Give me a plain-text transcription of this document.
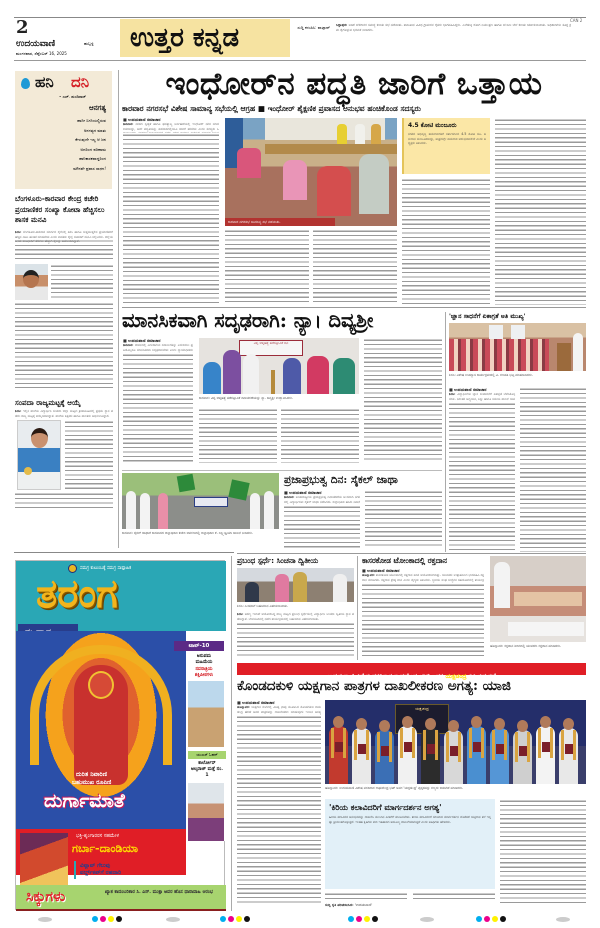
2
ಉದಯವಾಣಿ	ಹುಬ್ಬಳ್ಳಿ
ಮಂಗಳವಾರ, ಸೆಪ್ಟೆಂಬರ್ 16, 2025
ಉತ್ತರ ಕನ್ನಡ	ಸುದ್ದಿ ಕಳುಹಿಸಿ: ವಾಟ್ಸಾಪ್ ಸಿದ್ದಾಪುರ: ಅಡಿಕೆ ಬೆಳೆಗಾರರ ಸಮಸ್ಯೆ ಕುರಿತು ಸಭೆ ನಡೆಯಿತು. ತಾಲೂಕಿನ ವಿವಿಧ ಗ್ರಾಮಗಳ ರೈತರು ಭಾಗವಹಿಸಿದ್ದರು. ಎಲೆಚುಕ್ಕಿ ರೋಗ ನಿಯಂತ್ರಣ ಹಾಗೂ ಬೆಂಬಲ ಬೆಲೆ ಕುರಿತು ಚರ್ಚಿಸಲಾಯಿತು. ಅಧಿಕಾರಿಗಳು ಸೂಕ್ತ ಕ್ರಮ ಕೈಗೊಳ್ಳುವ ಭರವಸೆ ನೀಡಿದರು.
CAN 2
ಹನಿ ದನಿ
• ಎಚ್. ಡುಂಡಿರಾಜ್
ಆನಗತ್ಯ
ಹಾದೀ ಬೀದಿಯಲ್ಲಿರುವ
ಅನಗತ್ಯದ ಮಾತು
ಕೇಳುವುದೇ ಇಲ್ಲ ಆ ಜನ
ಅದರಿಂದ ಪರಿಣಾಮ
ಹಾನಿಕಾರಕವಾದ್ದರಿಂದ
ಮೌನವೇ ಪ್ರವಾಸ ಸಾಧನ!
ಬೆಂಗಳೂರು-ಕಾರವಾರ ಕೇಂದ್ರ ಕಚೇರಿ ಪ್ರಯಾಣಿಕರ ಸಂಖ್ಯಾ ಕೋಟಾ ಹೆಚ್ಚಿಸಲು ಶಾಸಕ ಮನವಿ
ಶಿರಸಿ: ಬೆಂಗಳೂರು-ಕಾರವಾರ ಮಾರ್ಗದ ರೈಲಿನಲ್ಲಿ ಶಿರಸಿ ಹಾಗೂ ಸುತ್ತಮುತ್ತಲಿನ ಪ್ರಯಾಣಿಕರಿಗೆ ಹೆಚ್ಚಿನ ಸೀಟು ಹಂಚಿಕೆ ಮಾಡಬೇಕು ಎಂದು ಶಾಸಕರು ರೈಲ್ವೆ ಸಚಿವರಿಗೆ ಮನವಿ ಸಲ್ಲಿಸಿದರು. ಜಿಲ್ಲೆಯ ಜನರು ರಾಜಧಾನಿಗೆ ತೆರಳಲು ಹೆಚ್ಚಾಗಿ ರೈಲನ್ನು ಅವಲಂಬಿಸಿದ್ದಾರೆ.
ಸಂಪದಾ ರಾಜ್ಯಮಟ್ಟಕ್ಕೆ ಆಯ್ಕೆ
ಶಿರಸಿ: ಇಲ್ಲಿನ ಶಾಲೆಯ ವಿದ್ಯಾರ್ಥಿನಿ ಸಂಪದಾ ಜಿಲ್ಲಾ ಮಟ್ಟದ ಕ್ರೀಡಾಕೂಟದಲ್ಲಿ ಪ್ರಥಮ ಸ್ಥಾನ ಪಡೆದು ರಾಜ್ಯ ಮಟ್ಟಕ್ಕೆ ಆಯ್ಕೆಯಾಗಿದ್ದಾಳೆ. ಶಾಲೆಯ ಶಿಕ್ಷಕರು ಹಾಗೂ ಪಾಲಕರು ಅಭಿನಂದಿಸಿದ್ದಾರೆ.
ಇಂಧೋರ್‌ನ ಪದ್ಧತಿ ಜಾರಿಗೆ ಒತ್ತಾಯ
ಕಾರವಾರ ನಗರಸಭೆ ವಿಶೇಷ ಸಾಮಾನ್ಯ ಸಭೆಯಲ್ಲಿ ಆಗ್ರಹ ■ ಇಂಧೋರ್ ಶೈಕ್ಷಣಿಕ ಪ್ರವಾಸದ ಅನುಭವ ಹಂಚಿಕೊಂಡ ಸದಸ್ಯರು
■ ಉದಯವಾಣಿ ಸಮಾಚಾರ
ಕಾರವಾರ: ನಗರದ ಸ್ವಚ್ಛತೆ ಹಾಗೂ ಘನತ್ಯಾಜ್ಯ ನಿರ್ವಹಣೆಯಲ್ಲಿ ಇಂಧೋರ್ ನಗರ ಮಾದರಿಯಾಗಿದ್ದು, ಅದೇ ಪದ್ಧತಿಯನ್ನು ಕಾರವಾರದಲ್ಲಿಯೂ ಜಾರಿಗೆ ತರಬೇಕು ಎಂದು ಸದಸ್ಯರು ಒ
ಕಾರವಾರ ನಗರಸಭೆ ಸಾಮಾನ್ಯ ಸಭೆ ನಡೆಯಿತು.
4.5 ಕೋಟಿ ಮಂಜೂರು
ನಗರದ ಅಭಿವೃದ್ಧಿ ಕಾಮಗಾರಿಗಳಿಗೆ ಸರ್ಕಾರದಿಂದ 4.5 ಕೋಟಿ ರೂ. ಅನುದಾನ ಮಂಜೂರಾಗಿದ್ದು, ಶೀಘ್ರದಲ್ಲೇ ಕಾಮಗಾರಿ ಆರಂಭವಾಗಲಿದೆ ಎಂದು ಅಧ್ಯಕ್ಷರು ತಿಳಿಸಿದರು.
ಮಾನಸಿಕವಾಗಿ ಸದೃಢರಾಗಿ: ನ್ಯಾ। ದಿವ್ಯಶ್ರೀ
■ ಉದಯವಾಣಿ ಸಮಾಚಾರ
ಕಾರವಾರ: ಜೀವನದಲ್ಲಿ ಎದುರಾಗುವ ಸವಾಲುಗಳನ್ನು ಎದುರಿಸಲು ಪ್ರತಿಯೊಬ್ಬರೂ ಮಾನಸಿಕವಾಗಿ ಸದೃಢರಾಗಬೇಕು ಎಂದು ನ್ಯಾಯಾಧೀಶರು
ವಿಶ್ವ ಆತ್ಮಹತ್ಯೆ ತಡೆಗಟ್ಟುವಿಕೆ ದಿನ
ಕಾರವಾರ: ವಿಶ್ವ ಆತ್ಮಹತ್ಯೆ ತಡೆಗಟ್ಟುವಿಕೆ ದಿನಾಚರಣೆಯನ್ನು ನ್ಯಾ. ದಿವ್ಯಶ್ರೀ ಉದ್ಘಾಟಿಸಿದರು.
'ಜ್ಞಾನ ಸಾಧನೆಗೆ ಏಕಾಗ್ರತೆ ಅತಿ ಮುಖ್ಯ'
ಶಿರಸಿ: ವಿಶೇಷ ಉಪನ್ಯಾಸ ಕಾರ್ಯಕ್ರಮದಲ್ಲಿ ವಿ. ಗಣಪತಿ ಭಟ್ಟ ಮಾತನಾಡಿದರು.
■ ಉದಯವಾಣಿ ಸಮಾಚಾರ
ಶಿರಸಿ: ವಿದ್ಯಾರ್ಥಿಗಳು ಜ್ಞಾನ ಸಂಪಾದನೆಗೆ ಏಕಾಗ್ರತೆ ಬೆಳೆಸಿಕೊಳ್ಳಬೇಕು. ನಿರಂತರ ಅಧ್ಯಯನ, ಶಿಸ್ತು ಹಾಗೂ ಸಮಯ ಪಾಲನೆ ಯಶ
ಕಾರವಾರ: ಸೈಕಲ್ ಜಾಥಾಗೆ ಕಾರವಾರದ ಜಿಲ್ಲಾಧಿಕಾರಿ ಕಚೇರಿ ಆವರಣದಲ್ಲಿ ಜಿಲ್ಲಾಧಿಕಾರಿ ಕೆ. ಲಕ್ಷ್ಮೀಪ್ರಿಯಾ ಚಾಲನೆ ನೀಡಿದರು.
ಪ್ರಜಾಪ್ರಭುತ್ವ ದಿನ: ಸೈಕಲ್ ಜಾಥಾ
■ ಉದಯವಾಣಿ ಸಮಾಚಾರ
ಕಾರವಾರ: ಅಂತಾರಾಷ್ಟ್ರೀಯ ಪ್ರಜಾಪ್ರಭುತ್ವ ದಿನಾಚರಣೆಯ ಅಂಗವಾಗಿ ನಗರದಲ್ಲಿ ವಿದ್ಯಾರ್ಥಿಗಳು ಸೈಕಲ್ ಜಾಥಾ ನಡೆಸಿದರು. ಜಿಲ್ಲಾಧಿಕಾರಿ ಹಸಿರು ನಿಶಾನೆ
ಸಮಗ್ರ ಕುಟುಂಬಕ್ಕೆ ಸಮಗ್ರ ಸಾಪ್ತಾಹಿಕ
ತರಂಗ
ಟಾಪ್-10
ಅನುಪಮ
ಮಹಿಮೆಯ
ನವರಾತ್ರಿಯ
ಶಕ್ತಿಪೀಠಗಳು
ಯುಎಸ್ ಓಪನ್
ಕಾರ್ಲೋಸ್ ಅಲ್ಕರಾಜ್ ಮತ್ತೆ ನಂ. 1
ದುರಿತ ನಿವಾರಿಣಿ
ಬಹುಮುಖ ರೂಪಿಣಿ
ದುರ್ಗಾಮಾತೆ
ಭಕ್ತಿ-ಶೃಂಗಾರರಸ ಸಹಮೇಳ
ಗರ್ಬಾ-ದಾಂಡಿಯಾ
ವಿಪ್ಲಾವ್ ಗೆಲುವು
ವರ್ಲ್ಡ್‌ಕಪ್‌ಗೆ ರಹದಾರಿ
ಸಿಕ್ಕುಗಳು	ಖ್ಯಾತ ಕಾದಂಬರಿಕಾರ ಸಿ. ಎನ್. ಮುಕ್ತಾ ಅವರ ಹೊಸ ಧಾರಾವಾಹಿ ಆರಂಭ
ಪ್ರಬಂಧ ಸ್ಪರ್ಧೆ: ಸಿಂಚನಾ ದ್ವಿತೀಯ
ಶಿರಸಿ: ಸಿಂಚನಾಗೆ ಬಹುಮಾನ ವಿತರಿಸಲಾಯಿತು.
ಶಿರಸಿ: ಅರಣ್ಯ ಇಲಾಖೆ ಆಯೋಜಿಸಿದ್ದ ರಾಜ್ಯ ಮಟ್ಟದ ಪ್ರಬಂಧ ಸ್ಪರ್ಧೆಯಲ್ಲಿ ವಿದ್ಯಾರ್ಥಿನಿ ಸಿಂಚನಾ ದ್ವಿತೀಯ ಸ್ಥಾನ ಪಡೆದಿದ್ದಾಳೆ. ಬೆಂಗಳೂರಿನಲ್ಲಿ ನಡೆದ ಕಾರ್ಯಕ್ರಮದಲ್ಲಿ ಬಹುಮಾನ ವಿತರಿಸಲಾಯಿತು.
ಕಾಸರಕೋಡ ಟೋಂಕಾದಲ್ಲಿ ರಕ್ತದಾನ
■ ಉದಯವಾಣಿ ಸಮಾಚಾರ
ಹೊನ್ನಾವರ: ಕಾಸರಕೋಡ ಟೋಂಕಾದಲ್ಲಿ ರಕ್ತದಾನ ಶಿಬಿರ ಆಯೋಜಿಸಲಾಗಿತ್ತು. ಯುವಕರು ಉತ್ಸಾಹದಿಂದ ಭಾಗವಹಿಸಿ ರಕ್ತದಾನ ಮಾಡಿದರು. ರಕ್ತದಾನ ಶ್ರೇಷ್ಠ ದಾನ ಎಂದು ವೈದ್ಯರು ತಿಳಿಸಿದರು. ಸ್ಥಳೀಯ ಸಂಘ ಸಂಸ್ಥೆಗಳ ಸಹಯೋಗದಲ್ಲಿ ಕಾರ್ಯಕ್ರ
ಹೊನ್ನಾವರ: ರಕ್ತದಾನ ಶಿಬಿರದಲ್ಲಿ ಯುವಕರು ರಕ್ತದಾನ ಮಾಡಿದರು.
ಉದಯವಾಣಿ ವಿಶೇಷ ವರದಿಗಾರ ರಾಘವೇಂದ್ರ ಭಟ್ ಅವರ ಯಕ್ಷಚಂದ್ರ ಕೃತಿ ಬಿಡುಗಡೆ
ಕೊಂಡದಕುಳಿ ಯಕ್ಷಗಾನ ಪಾತ್ರಗಳ ದಾಖಲೀಕರಣ ಅಗತ್ಯ: ಯಾಜಿ
■ ಉದಯವಾಣಿ ಸಮಾಚಾರ
ಹೊನ್ನಾವರ: ಯಕ್ಷಗಾನ ರಂಗದಲ್ಲಿ ವಿಶಿಷ್ಟ ಛಾಪು ಮೂಡಿಸಿದ ಕೊಂಡದಕುಳಿ ರಾಮಚಂದ್ರ ಹೆಗಡೆ ಅವರ ಪಾತ್ರಗಳನ್ನು ದಾಖಲೀಕರಣ ಮಾಡುವುದು ಇಂದಿನ ಅಗತ್ಯ
ಯಕ್ಷಚಂದ್ರ
ಹೊನ್ನಾವರ: ಉದಯವಾಣಿ ವಿಶೇಷ ವರದಿಗಾರ ರಾಘವೇಂದ್ರ ಭಟ್ ಅವರ 'ಯಕ್ಷಚಂದ್ರ' ಪುಸ್ತಕವನ್ನು ಗಣ್ಯರು ಬಿಡುಗಡೆ ಮಾಡಿದರು.
'ಕಿರಿಯ ಕಲಾವಿದರಿಗೆ ಮಾರ್ಗದರ್ಶನ ಅಗತ್ಯ'
ಹಿರಿಯ ಕಲಾವಿದರ ಅನುಭವವನ್ನು ದಾಖಲಿಸಿ ಮುಂದಿನ ಪೀಳಿಗೆಗೆ ತಲುಪಿಸಬೇಕು. ಕಿರಿಯ ಕಲಾವಿದರಿಗೆ ಸರಿಯಾದ ಮಾರ್ಗದರ್ಶನ ದೊರೆತರೆ ಯಕ್ಷಗಾನ ಕಲೆ ಇನ್ನಷ್ಟು ಶ್ರೀಮಂತಗೊಳ್ಳುತ್ತದೆ. ಇಂತಹ ಕೃತಿಗಳು ಕಲಾ ಇತಿಹಾಸದ ಅಮೂಲ್ಯ ದಾಖಲೆಯಾಗುತ್ತವೆ ಎಂದು ಅತಿಥಿಗಳು ಹೇಳಿದರು.
ಸುದ್ದಿ ಕೃತಿ ಪರಿಚಯಿಸಿದ: 'ಉದಯವಾಣಿ'
